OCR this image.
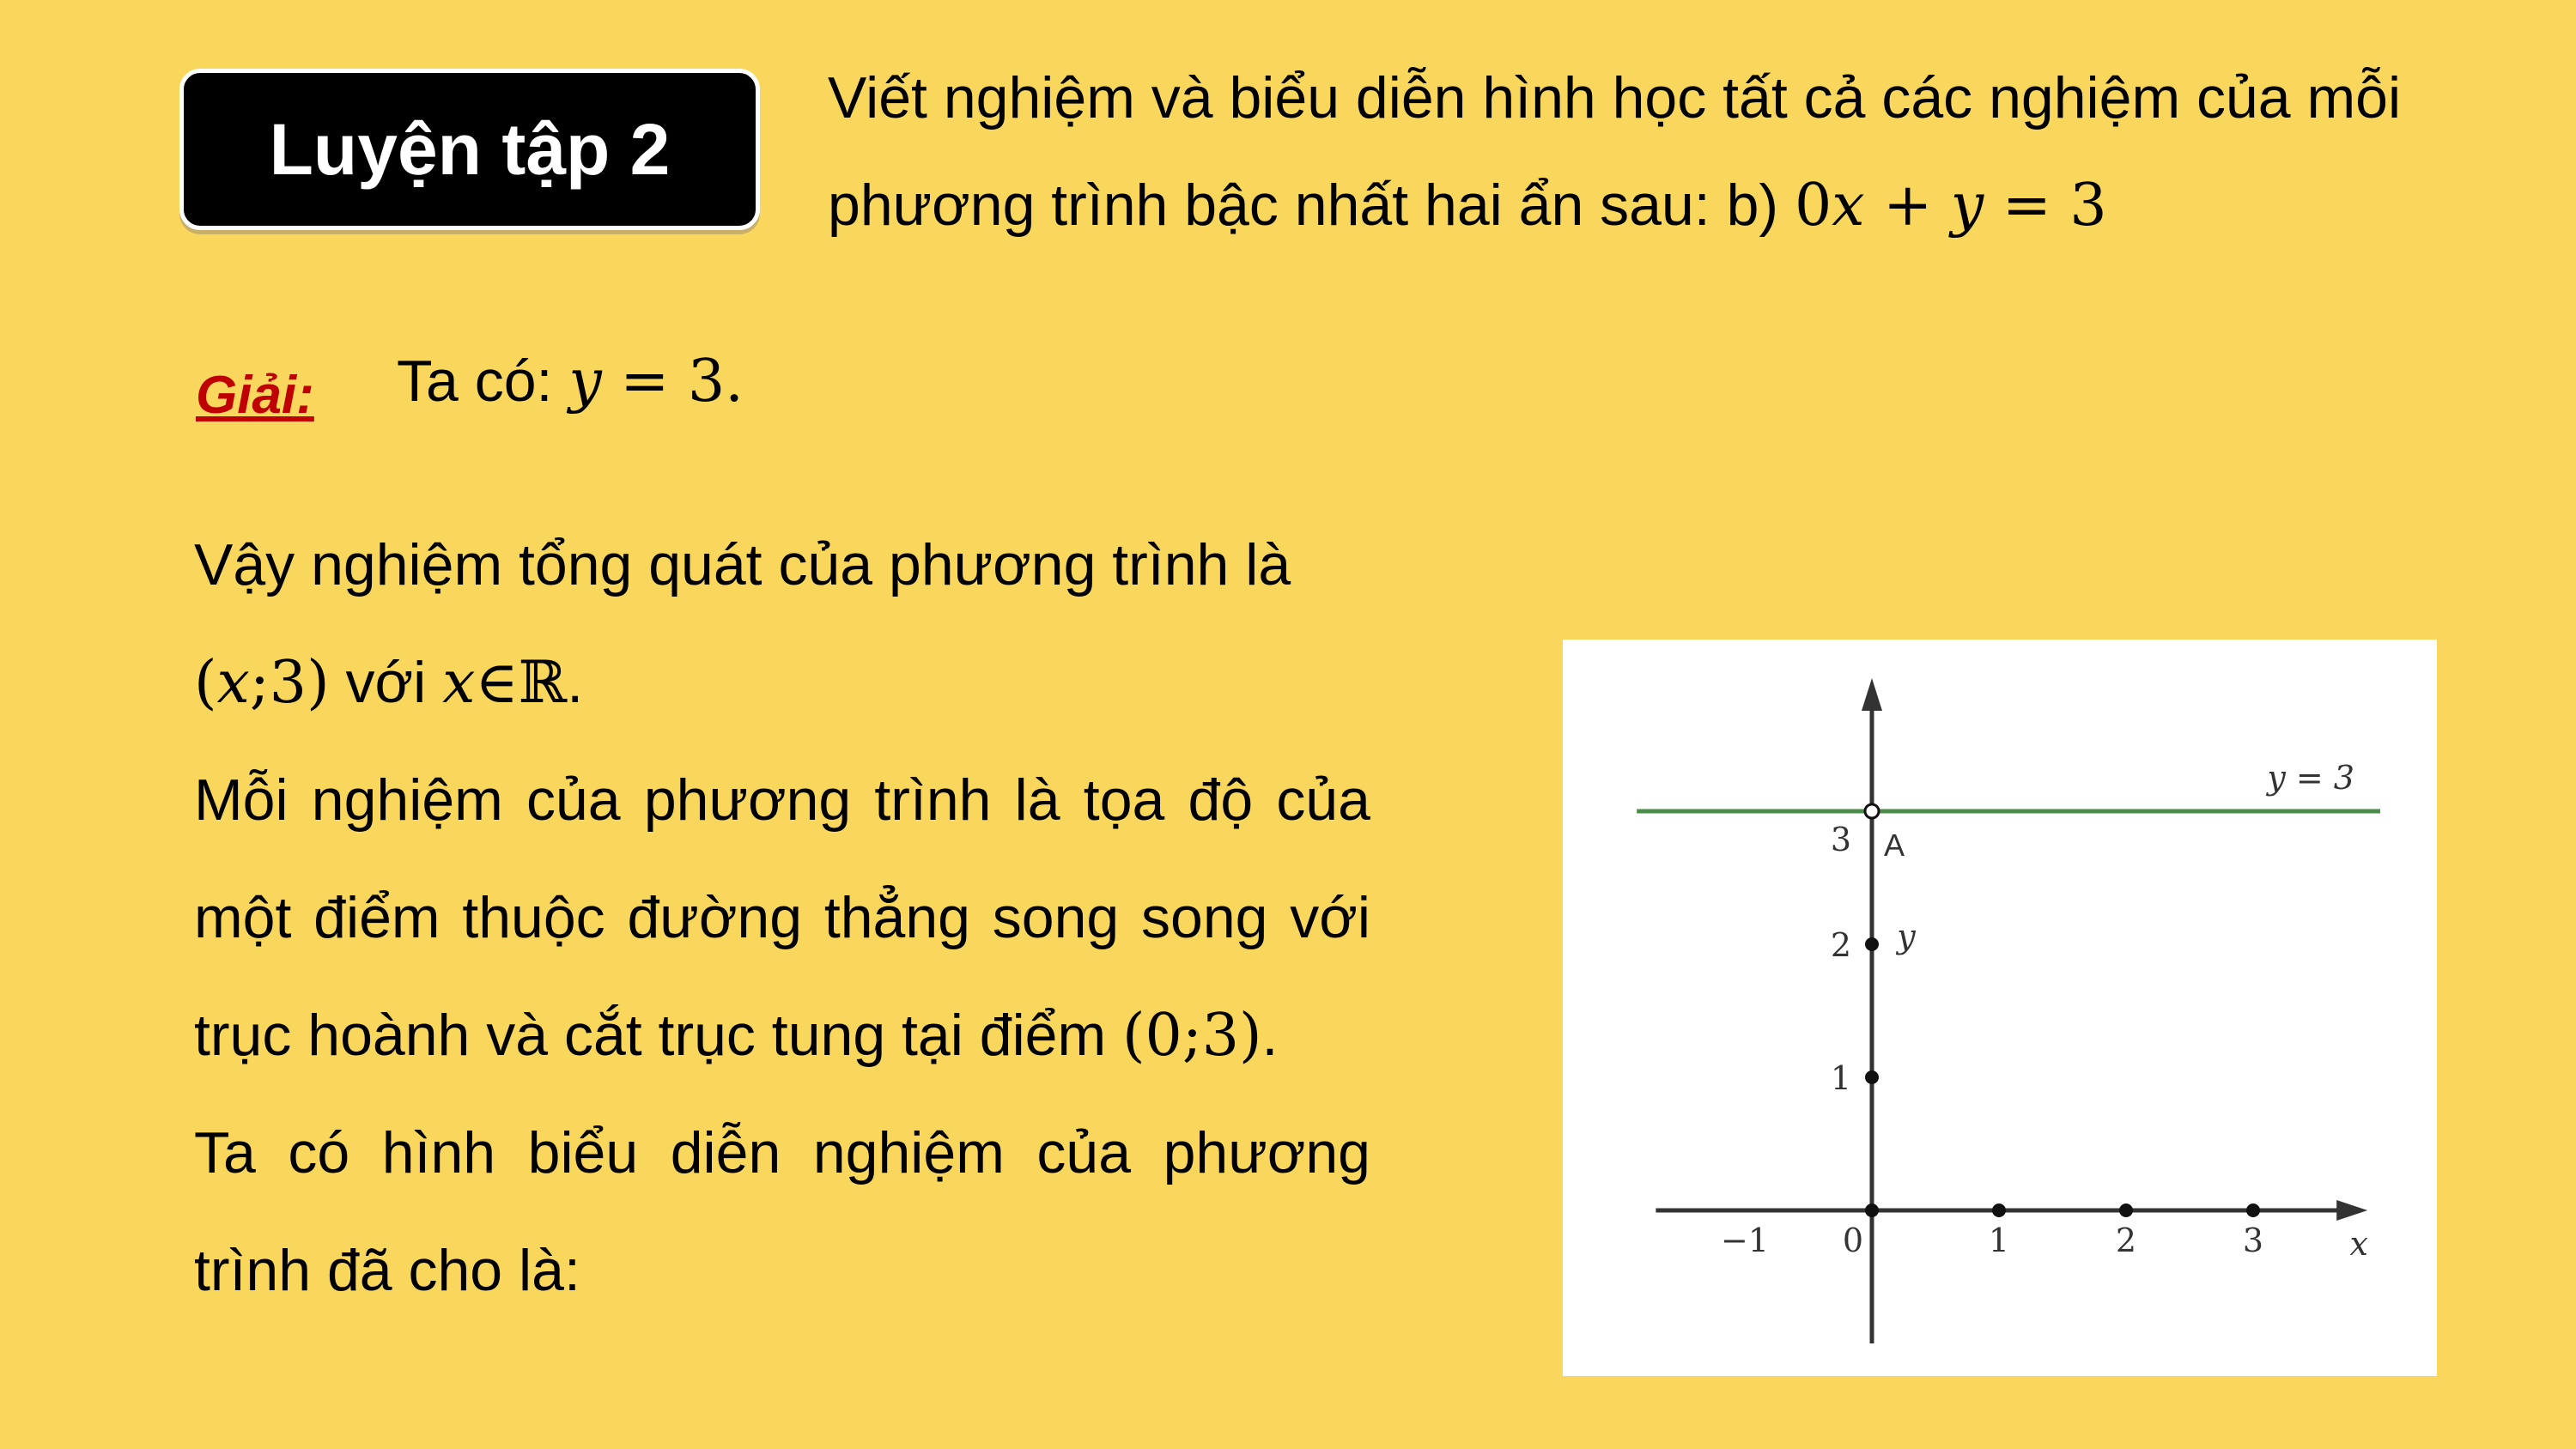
Luyện tập 2
Viết nghiệm và biểu diễn hình học tất cả các nghiệm của mỗi
phương trình bậc nhất hai ẩn sau: b) 0x + y = 3
Giải: Ta có: y = 3.

Vậy nghiệm tổng quát của phương trình là
(x;3) với x∈ℝ.

Mỗi nghiệm của phương trình là tọa độ của một điểm thuộc đường thẳng song song với trục hoành và cắt trục tung tại điểm (0;3).

Ta có hình biểu diễn nghiệm của phương trình đã cho là:

y = 3
−1 0	1	2	3
1
2
3
x
y
A
